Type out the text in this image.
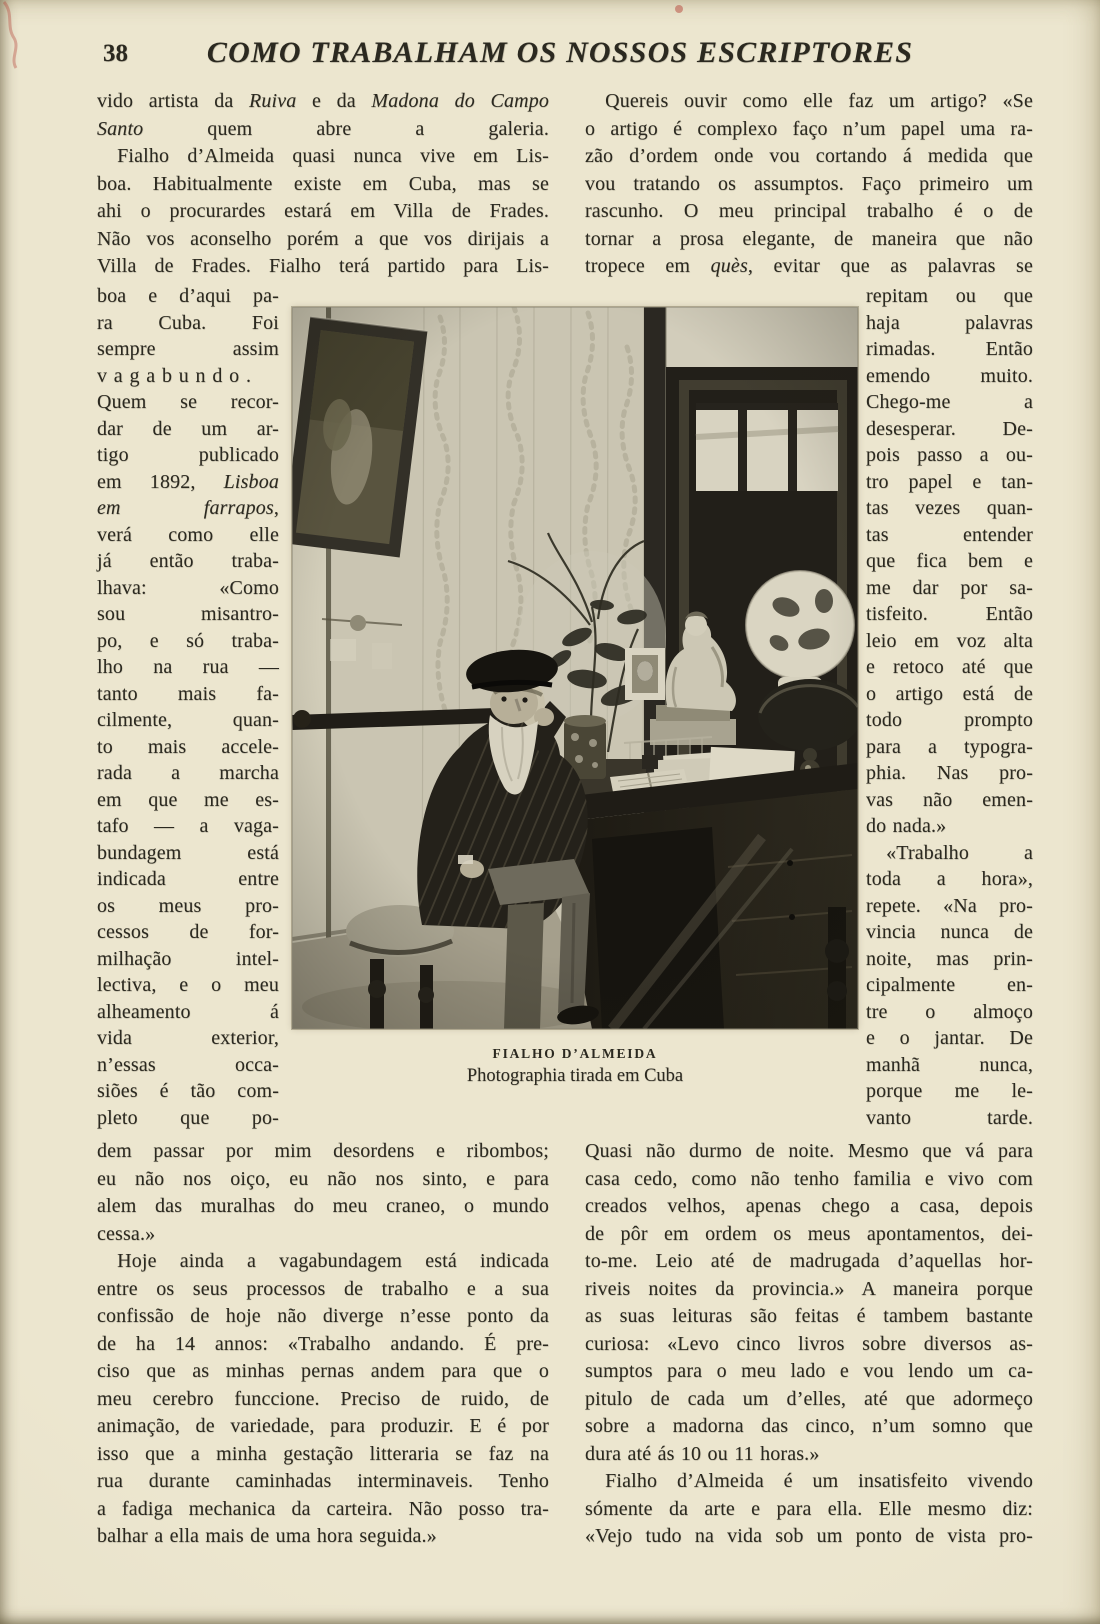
38	COMO TRABALHAM OS NOSSOS ESCRIPTORES
vido artista da Ruiva e da Madona do Campo
Santo quem abre a galeria.
 Fialho d’Almeida quasi nunca vive em Lis-
boa. Habitualmente existe em Cuba, mas se
ahi o procurardes estará em Villa de Frades.
Não vos aconselho porém a que vos dirijais a
Villa de Frades. Fialho terá partido para Lis-
boa e d’aqui pa-
ra Cuba. Foi
sempre assim
vagabundo.
Quem se recor-
dar de um ar-
tigo publicado
em 1892, Lisboa
em farrapos,
verá como elle
já então traba-
lhava: «Como
sou misantro-
po, e só traba-
lho na rua —
tanto mais fa-
cilmente, quan-
to mais accele-
rada a marcha
em que me es-
tafo — a vaga-
bundagem está
indicada entre
os meus pro-
cessos de for-
milhação intel-
lectiva, e o meu
alheamento á
vida exterior,
n’essas occa-
siões é tão com-
pleto que po-
dem passar por mim desordens e ribombos;
eu não nos oiço, eu não nos sinto, e para
alem das muralhas do meu craneo, o mundo
cessa.»
 Hoje ainda a vagabundagem está indicada
entre os seus processos de trabalho e a sua
confissão de hoje não diverge n’esse ponto da
de ha 14 annos: «Trabalho andando. É pre-
ciso que as minhas pernas andem para que o
meu cerebro funccione. Preciso de ruido, de
animação, de variedade, para produzir. E é por
isso que a minha gestação litteraria se faz na
rua durante caminhadas interminaveis. Tenho
a fadiga mechanica da carteira. Não posso tra-
balhar a ella mais de uma hora seguida.»
 Quereis ouvir como elle faz um artigo? «Se
o artigo é complexo faço n’um papel uma ra-
zão d’ordem onde vou cortando á medida que
vou tratando os assumptos. Faço primeiro um
rascunho. O meu principal trabalho é o de
tornar a prosa elegante, de maneira que não
tropece em quès, evitar que as palavras se
repitam ou que
haja palavras
rimadas. Então
emendo muito.
Chego-me a
desesperar. De-
pois passo a ou-
tro papel e tan-
tas vezes quan-
tas entender
que fica bem e
me dar por sa-
tisfeito. Então
leio em voz alta
e retoco até que
o artigo está de
todo prompto
para a typogra-
phia. Nas pro-
vas não emen-
do nada.»
 «Trabalho a
toda a hora»,
repete. «Na pro-
vincia nunca de
noite, mas prin-
cipalmente en-
tre o almoço
e o jantar. De
manhã nunca,
porque me le-
vanto tarde.
Quasi não durmo de noite. Mesmo que vá para
casa cedo, como não tenho familia e vivo com
creados velhos, apenas chego a casa, depois
de pôr em ordem os meus apontamentos, dei-
to-me. Leio até de madrugada d’aquellas hor-
riveis noites da provincia.» A maneira porque
as suas leituras são feitas é tambem bastante
curiosa: «Levo cinco livros sobre diversos as-
sumptos para o meu lado e vou lendo um ca-
pitulo de cada um d’elles, até que adormeço
sobre a madorna das cinco, n’um somno que
dura até ás 10 ou 11 horas.»
 Fialho d’Almeida é um insatisfeito vivendo
sómente da arte e para ella. Elle mesmo diz:
«Vejo tudo na vida sob um ponto de vista pro-
FIALHO D’ALMEIDA
Photographia tirada em Cuba
